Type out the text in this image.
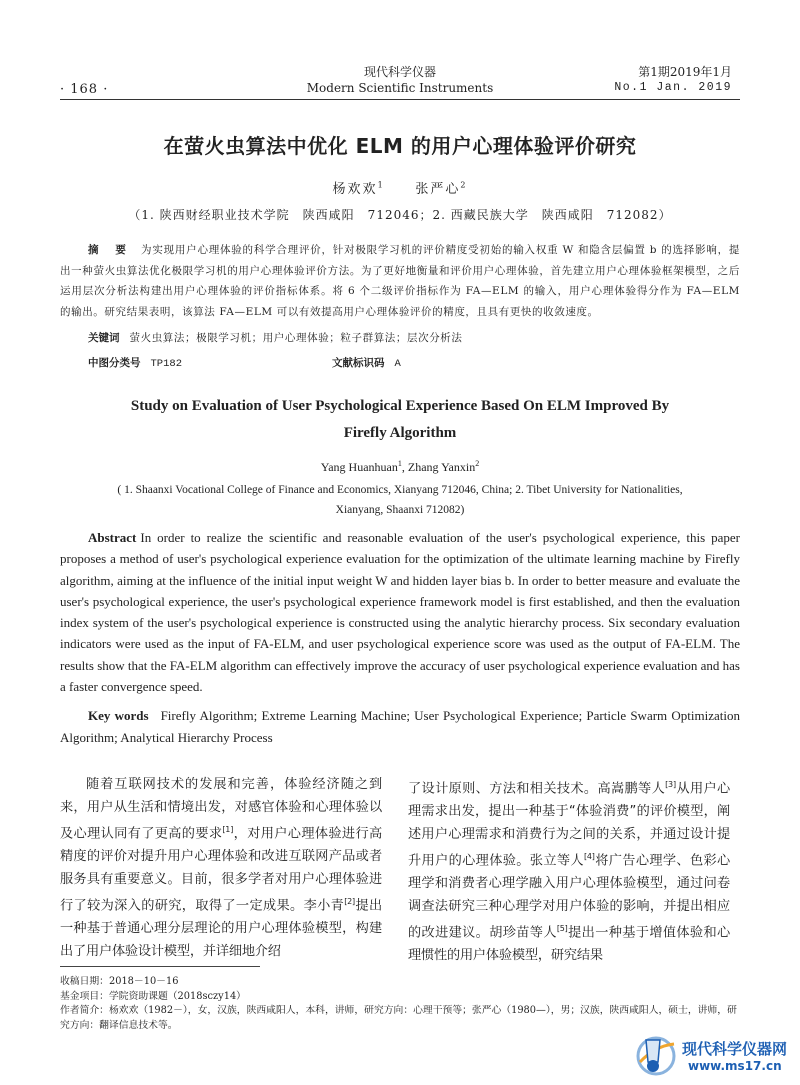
· 168 ·
现代科学仪器
Modern Scientific Instruments
第1期2019年1月
No.1 Jan. 2019
在萤火虫算法中优化 ELM 的用户心理体验评价研究
杨欢欢$^1$ 张严心$^2$
（1. 陕西财经职业技术学院　陕西咸阳　712046；2. 西藏民族大学　陕西咸阳　712082）
摘　要 为实现用户心理体验的科学合理评价，针对极限学习机的评价精度受初始的输入权重 W 和隐含层偏置 b 的选择影响，提出一种萤火虫算法优化极限学习机的用户心理体验评价方法。为了更好地衡量和评价用户心理体验，首先建立用户心理体验框架模型，之后运用层次分析法构建出用户心理体验的评价指标体系。将 6 个二级评价指标作为 FA—ELM 的输入，用户心理体验得分作为 FA—ELM 的输出。研究结果表明，该算法 FA—ELM 可以有效提高用户心理体验评价的精度，且具有更快的收敛速度。
关键词 萤火虫算法；极限学习机；用户心理体验；粒子群算法；层次分析法
中图分类号 TP182	文献标识码 A
Study on Evaluation of User Psychological Experience Based On ELM Improved By
Firefly Algorithm
Yang Huanhuan$^1$, Zhang Yanxin$^2$
( 1. Shaanxi Vocational College of Finance and Economics, Xianyang 712046, China; 2. Tibet University for Nationalities, Xianyang, Shaanxi 712082)
Abstract In order to realize the scientific and reasonable evaluation of the user's psychological experience, this paper proposes a method of user's psychological experience evaluation for the optimization of the ultimate learning machine by Firefly algorithm, aiming at the influence of the initial input weight W and hidden layer bias b. In order to better measure and evaluate the user's psychological experience, the user's psychological experience framework model is first established, and then the evaluation index system of the user's psychological experience is constructed using the analytic hierarchy process. Six secondary evaluation indicators were used as the input of FA-ELM, and user psychological experience score was used as the output of FA-ELM. The results show that the FA-ELM algorithm can effectively improve the accuracy of user psychological experience evaluation and has a faster convergence speed.
Key words Firefly Algorithm; Extreme Learning Machine; User Psychological Experience; Particle Swarm Optimization Algorithm; Analytical Hierarchy Process
随着互联网技术的发展和完善，体验经济随之到来，用户从生活和情境出发，对感官体验和心理体验以及心理认同有了更高的要求[1]，对用户心理体验进行高精度的评价对提升用户心理体验和改进互联网产品或者服务具有重要意义。目前，很多学者对用户心理体验进行了较为深入的研究，取得了一定成果。李小青[2]提出一种基于普通心理分层理论的用户心理体验模型，构建出了用户体验设计模型，并详细地介绍
了设计原则、方法和相关技术。高嵩鹏等人[3]从用户心理需求出发，提出一种基于“体验消费”的评价模型，阐述用户心理需求和消费行为之间的关系，并通过设计提升用户的心理体验。张立等人[4]将广告心理学、色彩心理学和消费者心理学融入用户心理体验模型，通过问卷调查法研究三种心理学对用户体验的影响，并提出相应的改进建议。胡珍苗等人[5]提出一种基于增值体验和心理惯性的用户体验模型，研究结果
收稿日期：2018－10－16
基金项目：学院资助课题（2018sczy14）
作者简介：杨欢欢（1982－），女，汉族，陕西咸阳人，本科，讲师，研究方向：心理干预等；张严心（1980—），男；汉族，陕西咸阳人，硕士，讲师，研究方向：翻译信息技术等。
现代科学仪器网
www.ms17.cn
